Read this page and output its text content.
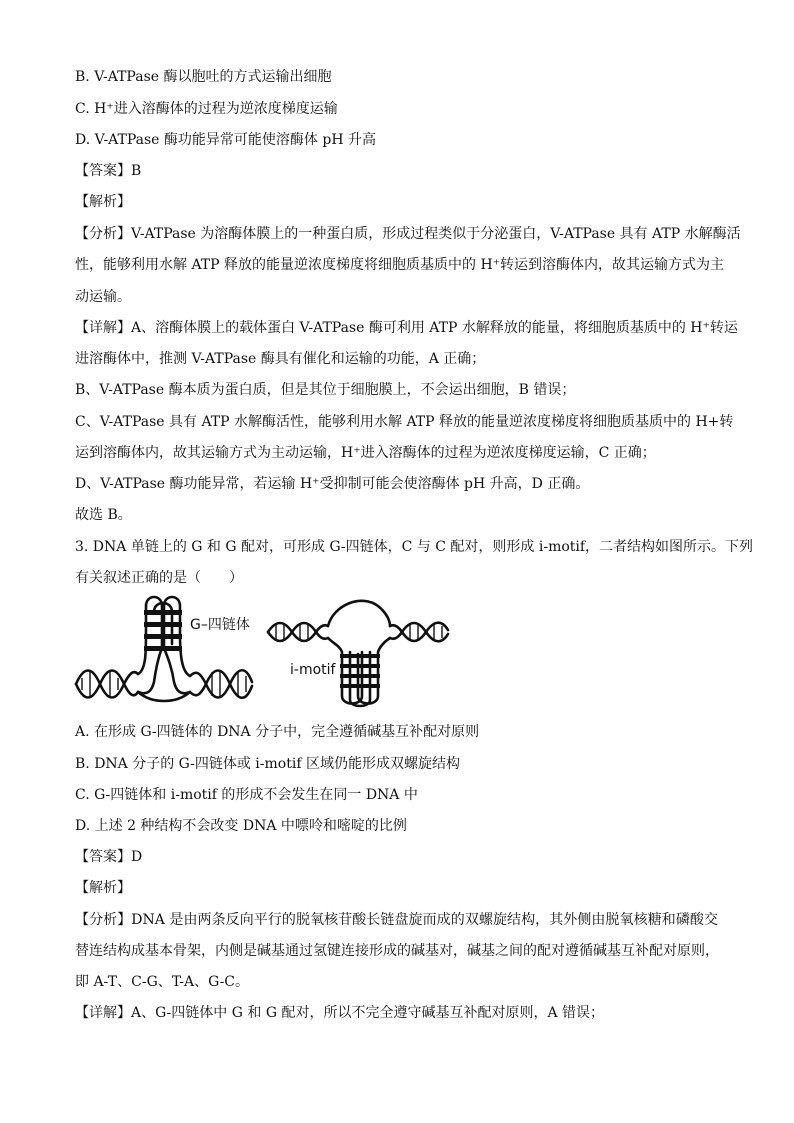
B. V-ATPase 酶以胞吐的方式运输出细胞
C. H⁺进入溶酶体的过程为逆浓度梯度运输
D. V-ATPase 酶功能异常可能使溶酶体 pH 升高
【答案】B
【解析】
【分析】V-ATPase 为溶酶体膜上的一种蛋白质，形成过程类似于分泌蛋白，V-ATPase 具有 ATP 水解酶活
性，能够利用水解 ATP 释放的能量逆浓度梯度将细胞质基质中的 H⁺转运到溶酶体内，故其运输方式为主
动运输。
【详解】A、溶酶体膜上的载体蛋白 V-ATPase 酶可利用 ATP 水解释放的能量，将细胞质基质中的 H⁺转运
进溶酶体中，推测 V-ATPase 酶具有催化和运输的功能，A 正确；
B、V-ATPase 酶本质为蛋白质，但是其位于细胞膜上，不会运出细胞，B 错误；
C、V-ATPase 具有 ATP 水解酶活性，能够利用水解 ATP 释放的能量逆浓度梯度将细胞质基质中的 H+转
运到溶酶体内，故其运输方式为主动运输，H⁺进入溶酶体的过程为逆浓度梯度运输，C 正确；
D、V-ATPase 酶功能异常，若运输 H⁺受抑制可能会使溶酶体 pH 升高，D 正确。
故选 B。
3. DNA 单链上的 G 和 G 配对，可形成 G-四链体，C 与 C 配对，则形成 i-motif，二者结构如图所示。下列
有关叙述正确的是（　　）
G–四链体
i-motif
A. 在形成 G-四链体的 DNA 分子中，完全遵循碱基互补配对原则
B. DNA 分子的 G-四链体或 i-motif 区域仍能形成双螺旋结构
C. G-四链体和 i-motif 的形成不会发生在同一 DNA 中
D. 上述 2 种结构不会改变 DNA 中嘌呤和嘧啶的比例
【答案】D
【解析】
【分析】DNA 是由两条反向平行的脱氧核苷酸长链盘旋而成的双螺旋结构，其外侧由脱氧核糖和磷酸交
替连结构成基本骨架，内侧是碱基通过氢键连接形成的碱基对，碱基之间的配对遵循碱基互补配对原则，
即 A-T、C-G、T-A、G-C。
【详解】A、G-四链体中 G 和 G 配对，所以不完全遵守碱基互补配对原则，A 错误；
